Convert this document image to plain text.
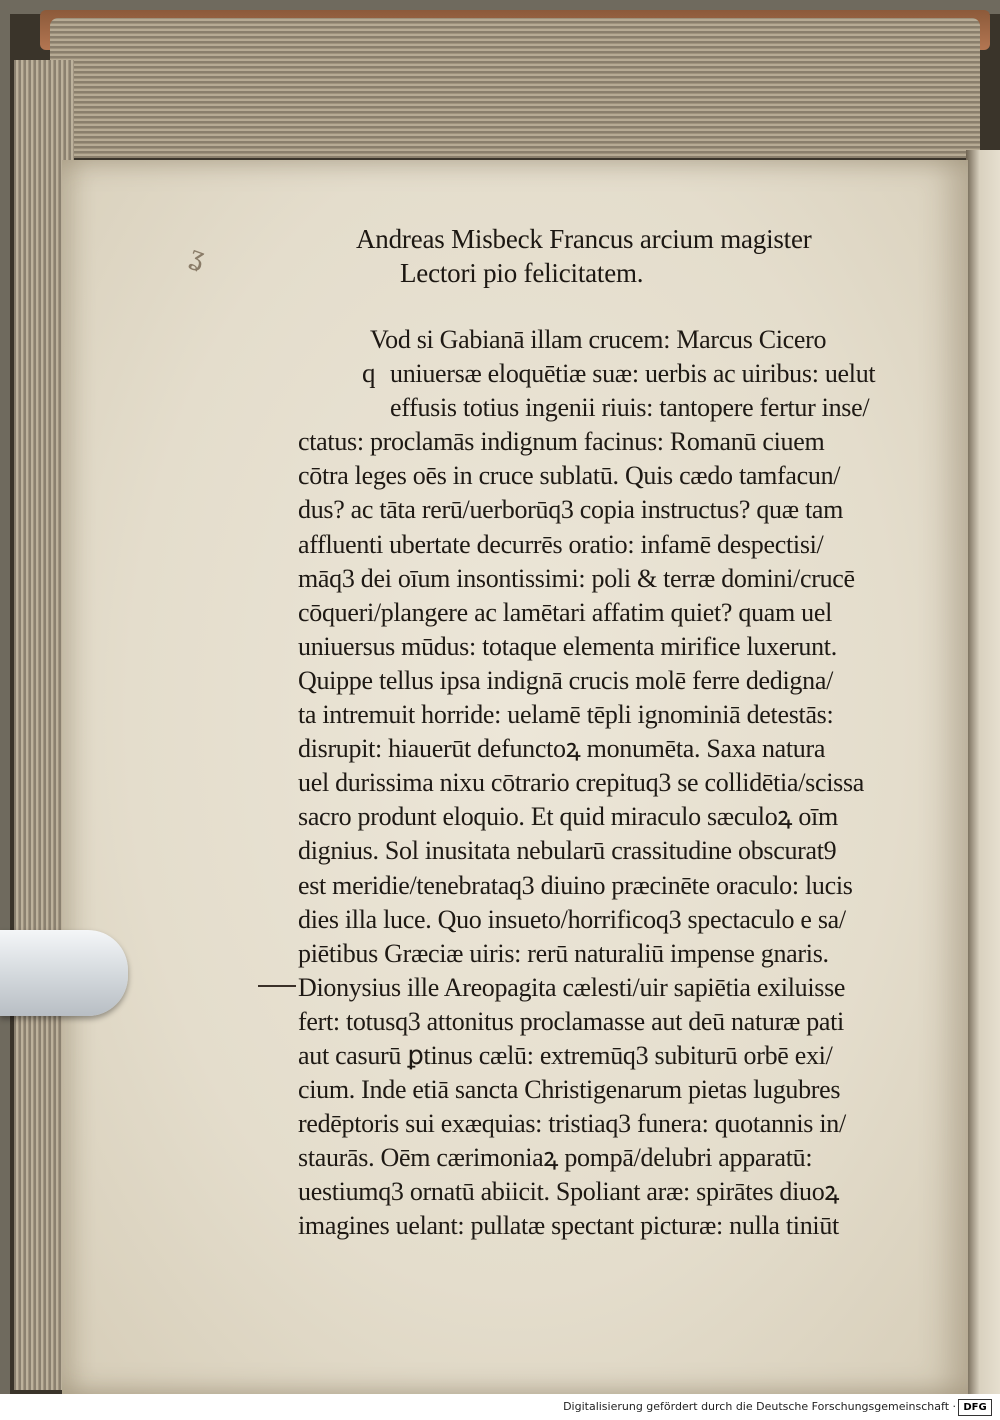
ʓ
Andreas Misbeck Francus arcium magister
Lectori pio felicitatem.
q
Vod si Gabianā illam crucem: Marcus Cicero
uniuersæ eloquētiæ suæ: uerbis ac uiribus: uelut
effusis totius ingenii riuis: tantopere fertur inse/
ctatus: proclamās indignum facinus: Romanū ciuem
cōtra leges oēs in cruce sublatū. Quis cædo tamfacun/
dus? ac tāta rerū/uerborūq3 copia instructus? quæ tam
affluenti ubertate decurrēs oratio: infamē despectisi/
māq3 dei oīum insontissimi: poli & terræ domini/crucē
cōqueri/plangere ac lamētari affatim quiet? quam uel
uniuersus mūdus: totaque elementa mirifice luxerunt.
Quippe tellus ipsa indignā crucis molē ferre dedigna/
ta intremuit horride: uelamē tēpli ignominiā detestās:
disrupit: hiauerūt defunctoꝝ monumēta. Saxa natura
uel durissima nixu cōtrario crepituq3 se collidētia/scissa
sacro produnt eloquio. Et quid miraculo sæculoꝝ oīm
dignius. Sol inusitata nebularū crassitudine obscurat9
est meridie/tenebrataq3 diuino præcinēte oraculo: lucis
dies illa luce. Quo insueto/horrificoq3 spectaculo e sa/
piētibus Græciæ uiris: rerū naturaliū impense gnaris.
Dionysius ille Areopagita cælesti/uir sapiētia exiluisse
fert: totusq3 attonitus proclamasse aut deū naturæ pati
aut casurū ꝑtinus cælū: extremūq3 subiturū orbē exi/
cium. Inde etiā sancta Christigenarum pietas lugubres
redēptoris sui exæquias: tristiaq3 funera: quotannis in/
staurās. Oēm cærimoniaꝝ pompā/delubri apparatū:
uestiumq3 ornatū abiicit. Spoliant aræ: spirātes diuoꝝ
imagines uelant: pullatæ spectant picturæ: nulla tiniūt
Digitalisierung gefördert durch die Deutsche Forschungsgemeinschaft · DFG
